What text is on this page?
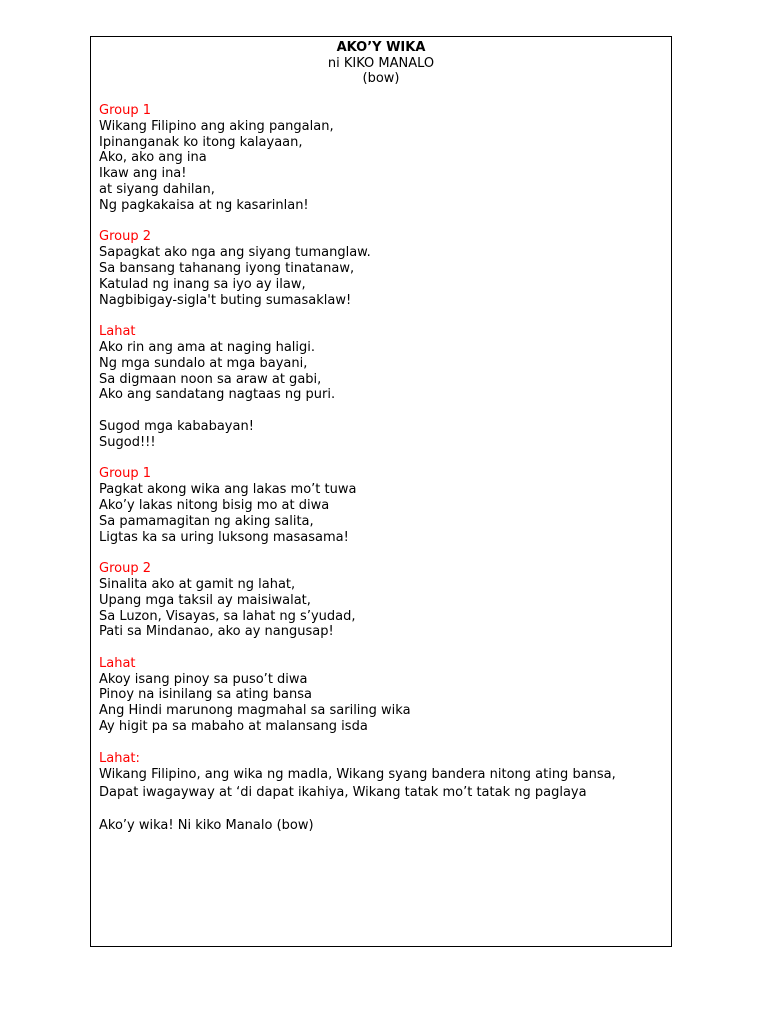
AKO’Y WIKA
ni KIKO MANALO
(bow)
Group 1
Wikang Filipino ang aking pangalan,
Ipinanganak ko itong kalayaan,
Ako, ako ang ina
Ikaw ang ina!
at siyang dahilan,
Ng pagkakaisa at ng kasarinlan!
Group 2
Sapagkat ako nga ang siyang tumanglaw.
Sa bansang tahanang iyong tinatanaw,
Katulad ng inang sa iyo ay ilaw,
Nagbibigay-sigla't buting sumasaklaw!
Lahat
Ako rin ang ama at naging haligi.
Ng mga sundalo at mga bayani,
Sa digmaan noon sa araw at gabi,
Ako ang sandatang nagtaas ng puri.
Sugod mga kababayan!
Sugod!!!
Group 1
Pagkat akong wika ang lakas mo’t tuwa
Ako’y lakas nitong bisig mo at diwa
Sa pamamagitan ng aking salita,
Ligtas ka sa uring luksong masasama!
Group 2
Sinalita ako at gamit ng lahat,
Upang mga taksil ay maisiwalat,
Sa Luzon, Visayas, sa lahat ng s’yudad,
Pati sa Mindanao, ako ay nangusap!
Lahat
Akoy isang pinoy sa puso’t diwa
Pinoy na isinilang sa ating bansa
Ang Hindi marunong magmahal sa sariling wika
Ay higit pa sa mabaho at malansang isda
Lahat:
Wikang Filipino, ang wika ng madla, Wikang syang bandera nitong ating bansa, Dapat iwagayway at ‘di dapat ikahiya, Wikang tatak mo’t tatak ng paglaya
Ako’y wika! Ni kiko Manalo (bow)
